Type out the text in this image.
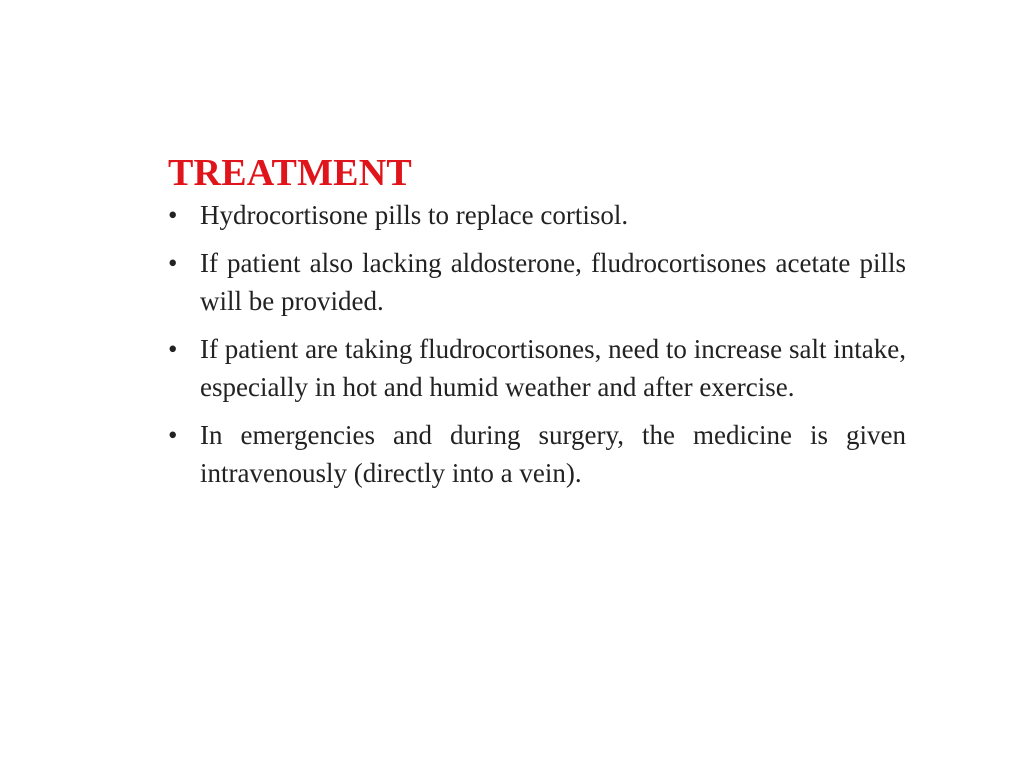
TREATMENT
• Hydrocortisone pills to replace cortisol.
• If patient also lacking aldosterone, fludrocortisones acetate pills will be provided.
• If patient are taking fludrocortisones, need to increase salt intake, especially in hot and humid weather and after exercise.
• In emergencies and during surgery, the medicine is given intravenously (directly into a vein).
